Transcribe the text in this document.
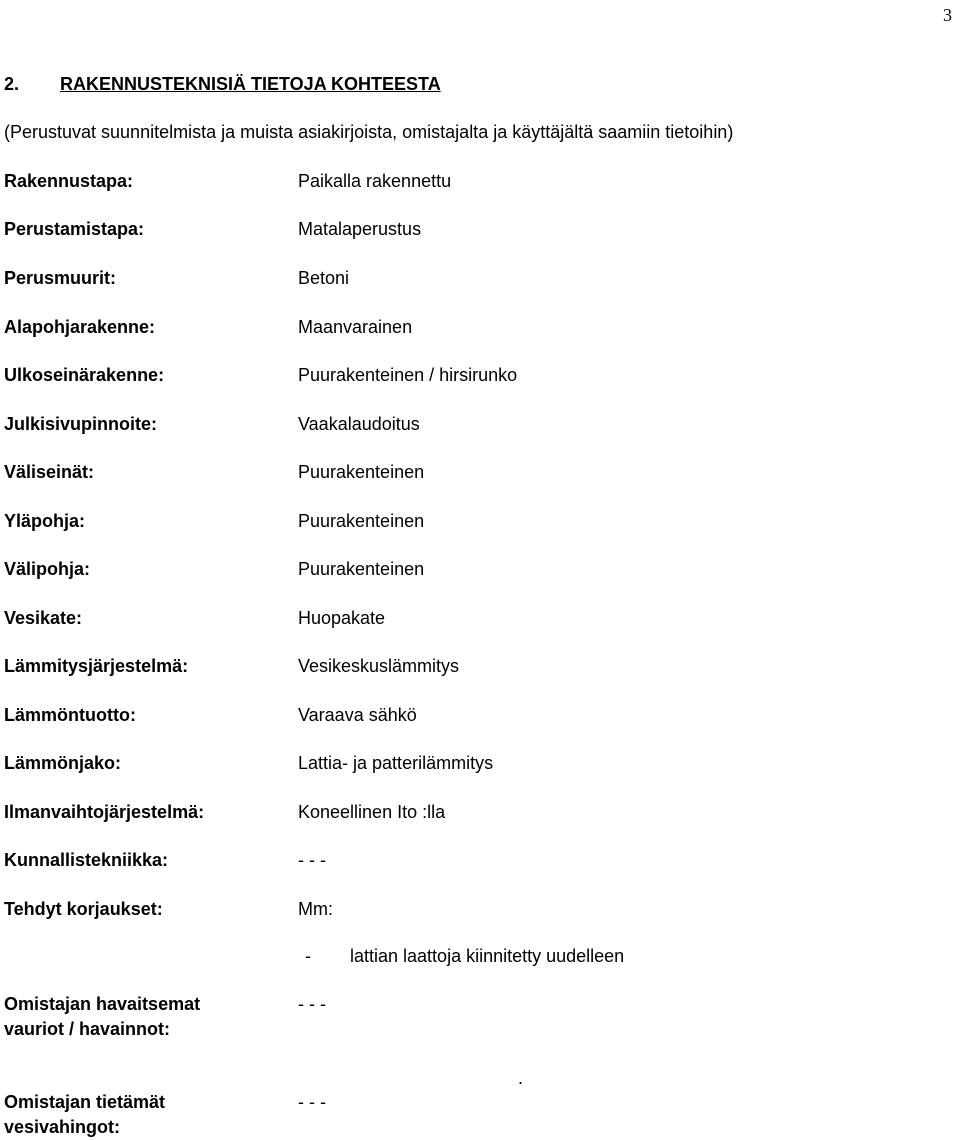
3
2. RAKENNUSTEKNISIÄ TIETOJA KOHTEESTA
(Perustuvat suunnitelmista ja muista asiakirjoista, omistajalta ja käyttäjältä saamiin tietoihin)
Rakennustapa:	Paikalla rakennettu
Perustamistapa:	Matalaperustus
Perusmuurit:	Betoni
Alapohjarakenne:	Maanvarainen
Ulkoseinärakenne:	Puurakenteinen / hirsirunko
Julkisivupinnoite:	Vaakalaudoitus
Väliseinät:	Puurakenteinen
Yläpohja:	Puurakenteinen
Välipohja:	Puurakenteinen
Vesikate:	Huopakate
Lämmitysjärjestelmä:	Vesikeskuslämmitys
Lämmöntuotto:	Varaava sähkö
Lämmönjako:	Lattia- ja patterilämmitys
Ilmanvaihtojärjestelmä:	Koneellinen Ito :lla
Kunnallistekniikka:	- - -
Tehdyt korjaukset:	Mm:
- lattian laattoja kiinnitetty uudelleen
Omistajan havaitsemat vauriot / havainnot:
- - -
.
Omistajan tietämät vesivahingot:
- - -
